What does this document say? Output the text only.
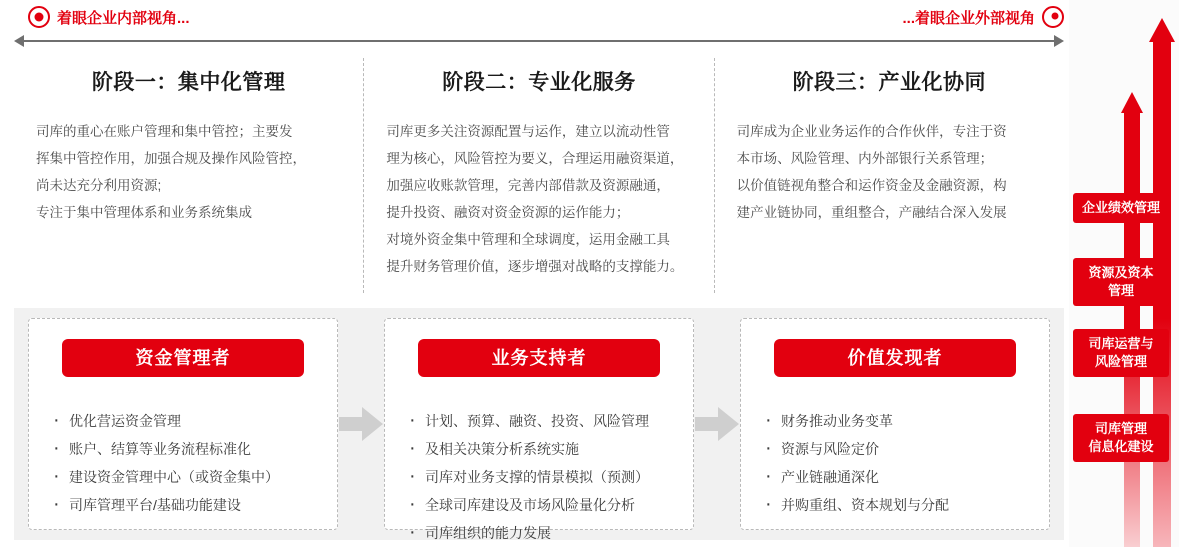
着眼企业内部视角...	...着眼企业外部视角
阶段一：集中化管理

司库的重心在账户管理和集中管控；主要发

挥集中管控作用，加强合规及操作风险管控，

尚未达充分利用资源;

专注于集中管理体系和业务系统集成

阶段二：专业化服务

司库更多关注资源配置与运作，建立以流动性管

理为核心，风险管控为要义，合理运用融资渠道，

加强应收账款管理，完善内部借款及资源融通，

提升投资、融资对资金资源的运作能力；

对境外资金集中管理和全球调度，运用金融工具

提升财务管理价值，逐步增强对战略的支撑能力。

阶段三：产业化协同

司库成为企业业务运作的合作伙伴，专注于资

本市场、风险管理、内外部银行关系管理；

以价值链视角整合和运作资金及金融资源，构

建产业链协同，重组整合，产融结合深入发展

资金管理者
· 优化营运资金管理
· 账户、结算等业务流程标准化
· 建设资金管理中心（或资金集中）
· 司库管理平台/基础功能建设
业务支持者
· 计划、预算、融资、投资、风险管理
· 及相关决策分析系统实施
· 司库对业务支撑的情景模拟（预测）
· 全球司库建设及市场风险量化分析
· 司库组织的能力发展
价值发现者
· 财务推动业务变革
· 资源与风险定价
· 产业链融通深化
· 并购重组、资本规划与分配
企业绩效管理
资源及资本
管理
司库运营与
风险管理
司库管理
信息化建设
